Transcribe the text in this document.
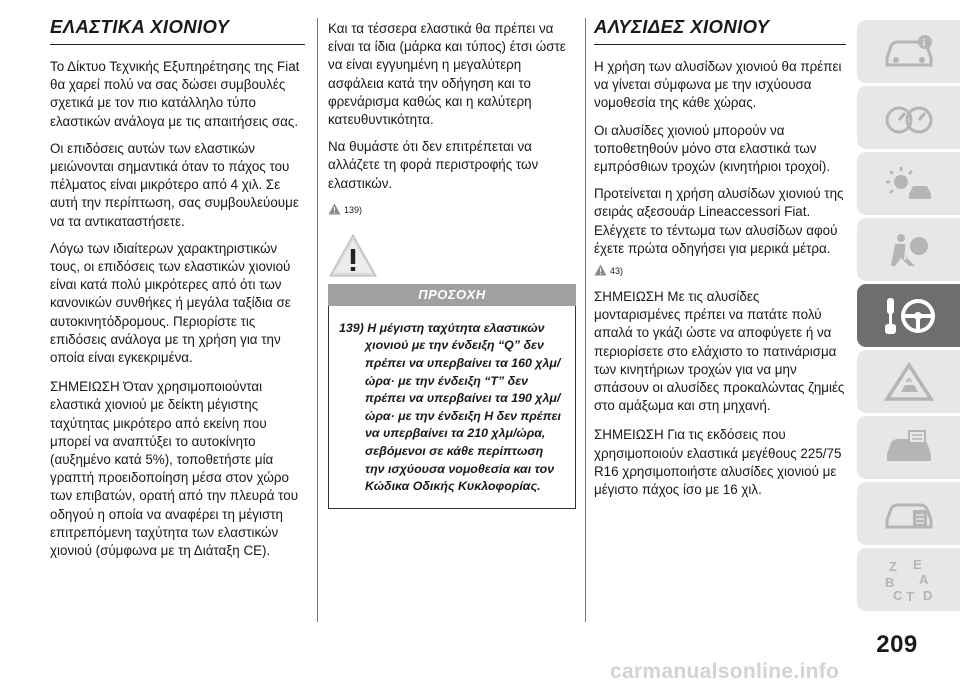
ΕΛΑΣΤΙΚΑ ΧΙΟΝΙΟΥ

Το Δίκτυο Τεχνικής Εξυπηρέτησης της Fiat θα χαρεί πολύ να σας δώσει συμβουλές σχετικά με τον πιο κατάλληλο τύπο ελαστικών ανάλογα με τις απαιτήσεις σας.

Οι επιδόσεις αυτών των ελαστικών μειώνονται σημαντικά όταν το πάχος του πέλματος είναι μικρότερο από 4 χιλ. Σε αυτή την περίπτωση, σας συμβουλεύουμε να τα αντικαταστήσετε.

Λόγω των ιδιαίτερων χαρακτηριστικών τους, οι επιδόσεις των ελαστικών χιονιού είναι κατά πολύ μικρότερες από ότι των κανονικών συνθήκες ή μεγάλα ταξίδια σε αυτοκινητόδρομους. Περιορίστε τις επιδόσεις ανάλογα με τη χρήση για την οποία είναι εγκεκριμένα.

ΣΗΜΕΙΩΣΗ Όταν χρησιμοποιούνται ελαστικά χιονιού με δείκτη μέγιστης ταχύτητας μικρότερο από εκείνη που μπορεί να αναπτύξει το αυτοκίνητο (αυξημένο κατά 5%), τοποθετήστε μία γραπτή προειδοποίηση μέσα στον χώρο των επιβατών, ορατή από την πλευρά του οδηγού η οποία να αναφέρει τη μέγιστη επιτρεπόμενη ταχύτητα των ελαστικών χιονιού (σύμφωνα με τη Διάταξη CE).

Και τα τέσσερα ελαστικά θα πρέπει να είναι τα ίδια (μάρκα και τύπος) έτσι ώστε να είναι εγγυημένη η μεγαλύτερη ασφάλεια κατά την οδήγηση και το φρενάρισμα καθώς και η καλύτερη κατευθυντικότητα.

Να θυμάστε ότι δεν επιτρέπεται να αλλάζετε τη φορά περιστροφής των ελαστικών.

139)
ΠΡΟΣΟΧΗ

139) Η μέγιστη ταχύτητα ελαστικών χιονιού με την ένδειξη “Q” δεν πρέπει να υπερβαίνει τα 160 χλμ/ώρα· με την ένδειξη “T” δεν πρέπει να υπερβαίνει τα 190 χλμ/ώρα· με την ένδειξη H δεν πρέπει να υπερβαίνει τα 210 χλμ/ώρα, σεβόμενοι σε κάθε περίπτωση την ισχύουσα νομοθεσία και τον Κώδικα Οδικής Κυκλοφορίας.

ΑΛΥΣΙΔΕΣ ΧΙΟΝΙΟΥ

Η χρήση των αλυσίδων χιονιού θα πρέπει να γίνεται σύμφωνα με την ισχύουσα νομοθεσία της κάθε χώρας.

Οι αλυσίδες χιονιού μπορούν να τοποθετηθούν μόνο στα ελαστικά των εμπρόσθιων τροχών (κινητήριοι τροχοί).

Προτείνεται η χρήση αλυσίδων χιονιού της σειράς αξεσουάρ Lineaccessori Fiat. Ελέγχετε το τέντωμα των αλυσίδων αφού έχετε πρώτα οδηγήσει για μερικά μέτρα.

43)

ΣΗΜΕΙΩΣΗ Με τις αλυσίδες μονταρισμένες πρέπει να πατάτε πολύ απαλά το γκάζι ώστε να αποφύγετε ή να περιορίσετε στο ελάχιστο το πατινάρισμα των κινητήριων τροχών για να μην σπάσουν οι αλυσίδες προκαλώντας ζημιές στο αμάξωμα και στη μηχανή.

ΣΗΜΕΙΩΣΗ Για τις εκδόσεις που χρησιμοποιούν ελαστικά μεγέθους 225/75 R16 χρησιμοποιήστε αλυσίδες χιονιού με μέγιστο πάχος ίσο με 16 χιλ.

i
Z E
A
B
C D
T
209
carmanualsonline.info
